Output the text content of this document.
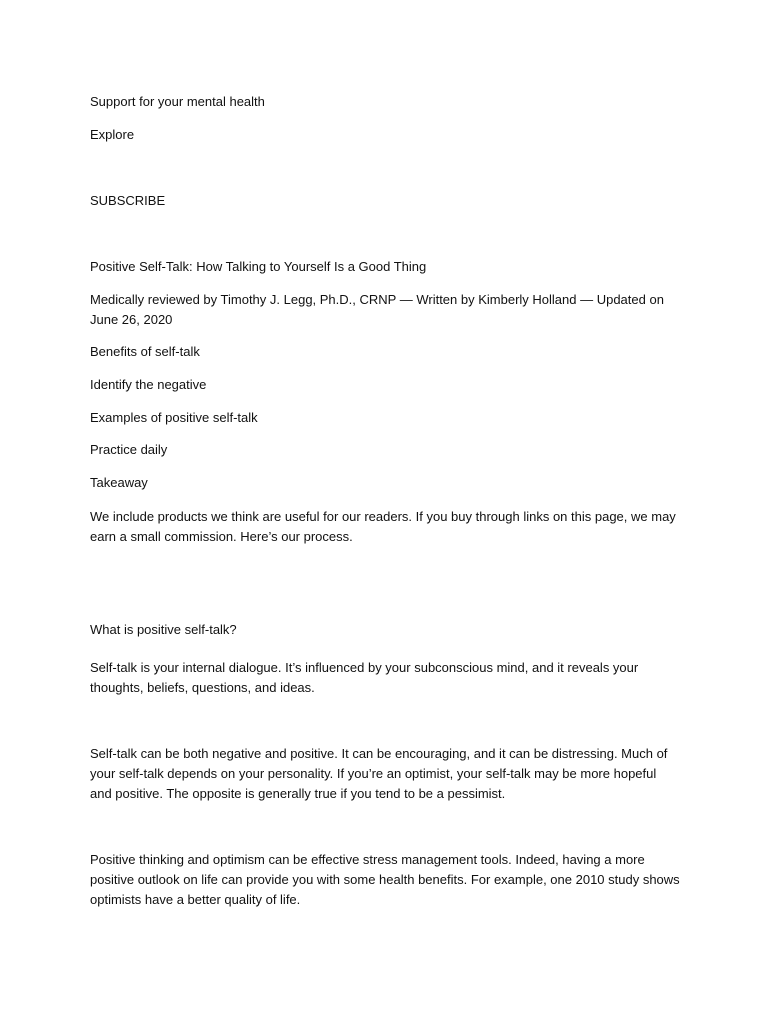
Support for your mental health

Explore

SUBSCRIBE

Positive Self-Talk: How Talking to Yourself Is a Good Thing

Medically reviewed by Timothy J. Legg, Ph.D., CRNP — Written by Kimberly Holland — Updated on June 26, 2020

Benefits of self-talk

Identify the negative

Examples of positive self-talk

Practice daily

Takeaway

We include products we think are useful for our readers. If you buy through links on this page, we may earn a small commission. Here’s our process.

What is positive self-talk?

Self-talk is your internal dialogue. It’s influenced by your subconscious mind, and it reveals your thoughts, beliefs, questions, and ideas.

Self-talk can be both negative and positive. It can be encouraging, and it can be distressing. Much of your self-talk depends on your personality. If you’re an optimist, your self-talk may be more hopeful and positive. The opposite is generally true if you tend to be a pessimist.

Positive thinking and optimism can be effective stress management tools. Indeed, having a more positive outlook on life can provide you with some health benefits. For example, one 2010 study shows optimists have a better quality of life.
